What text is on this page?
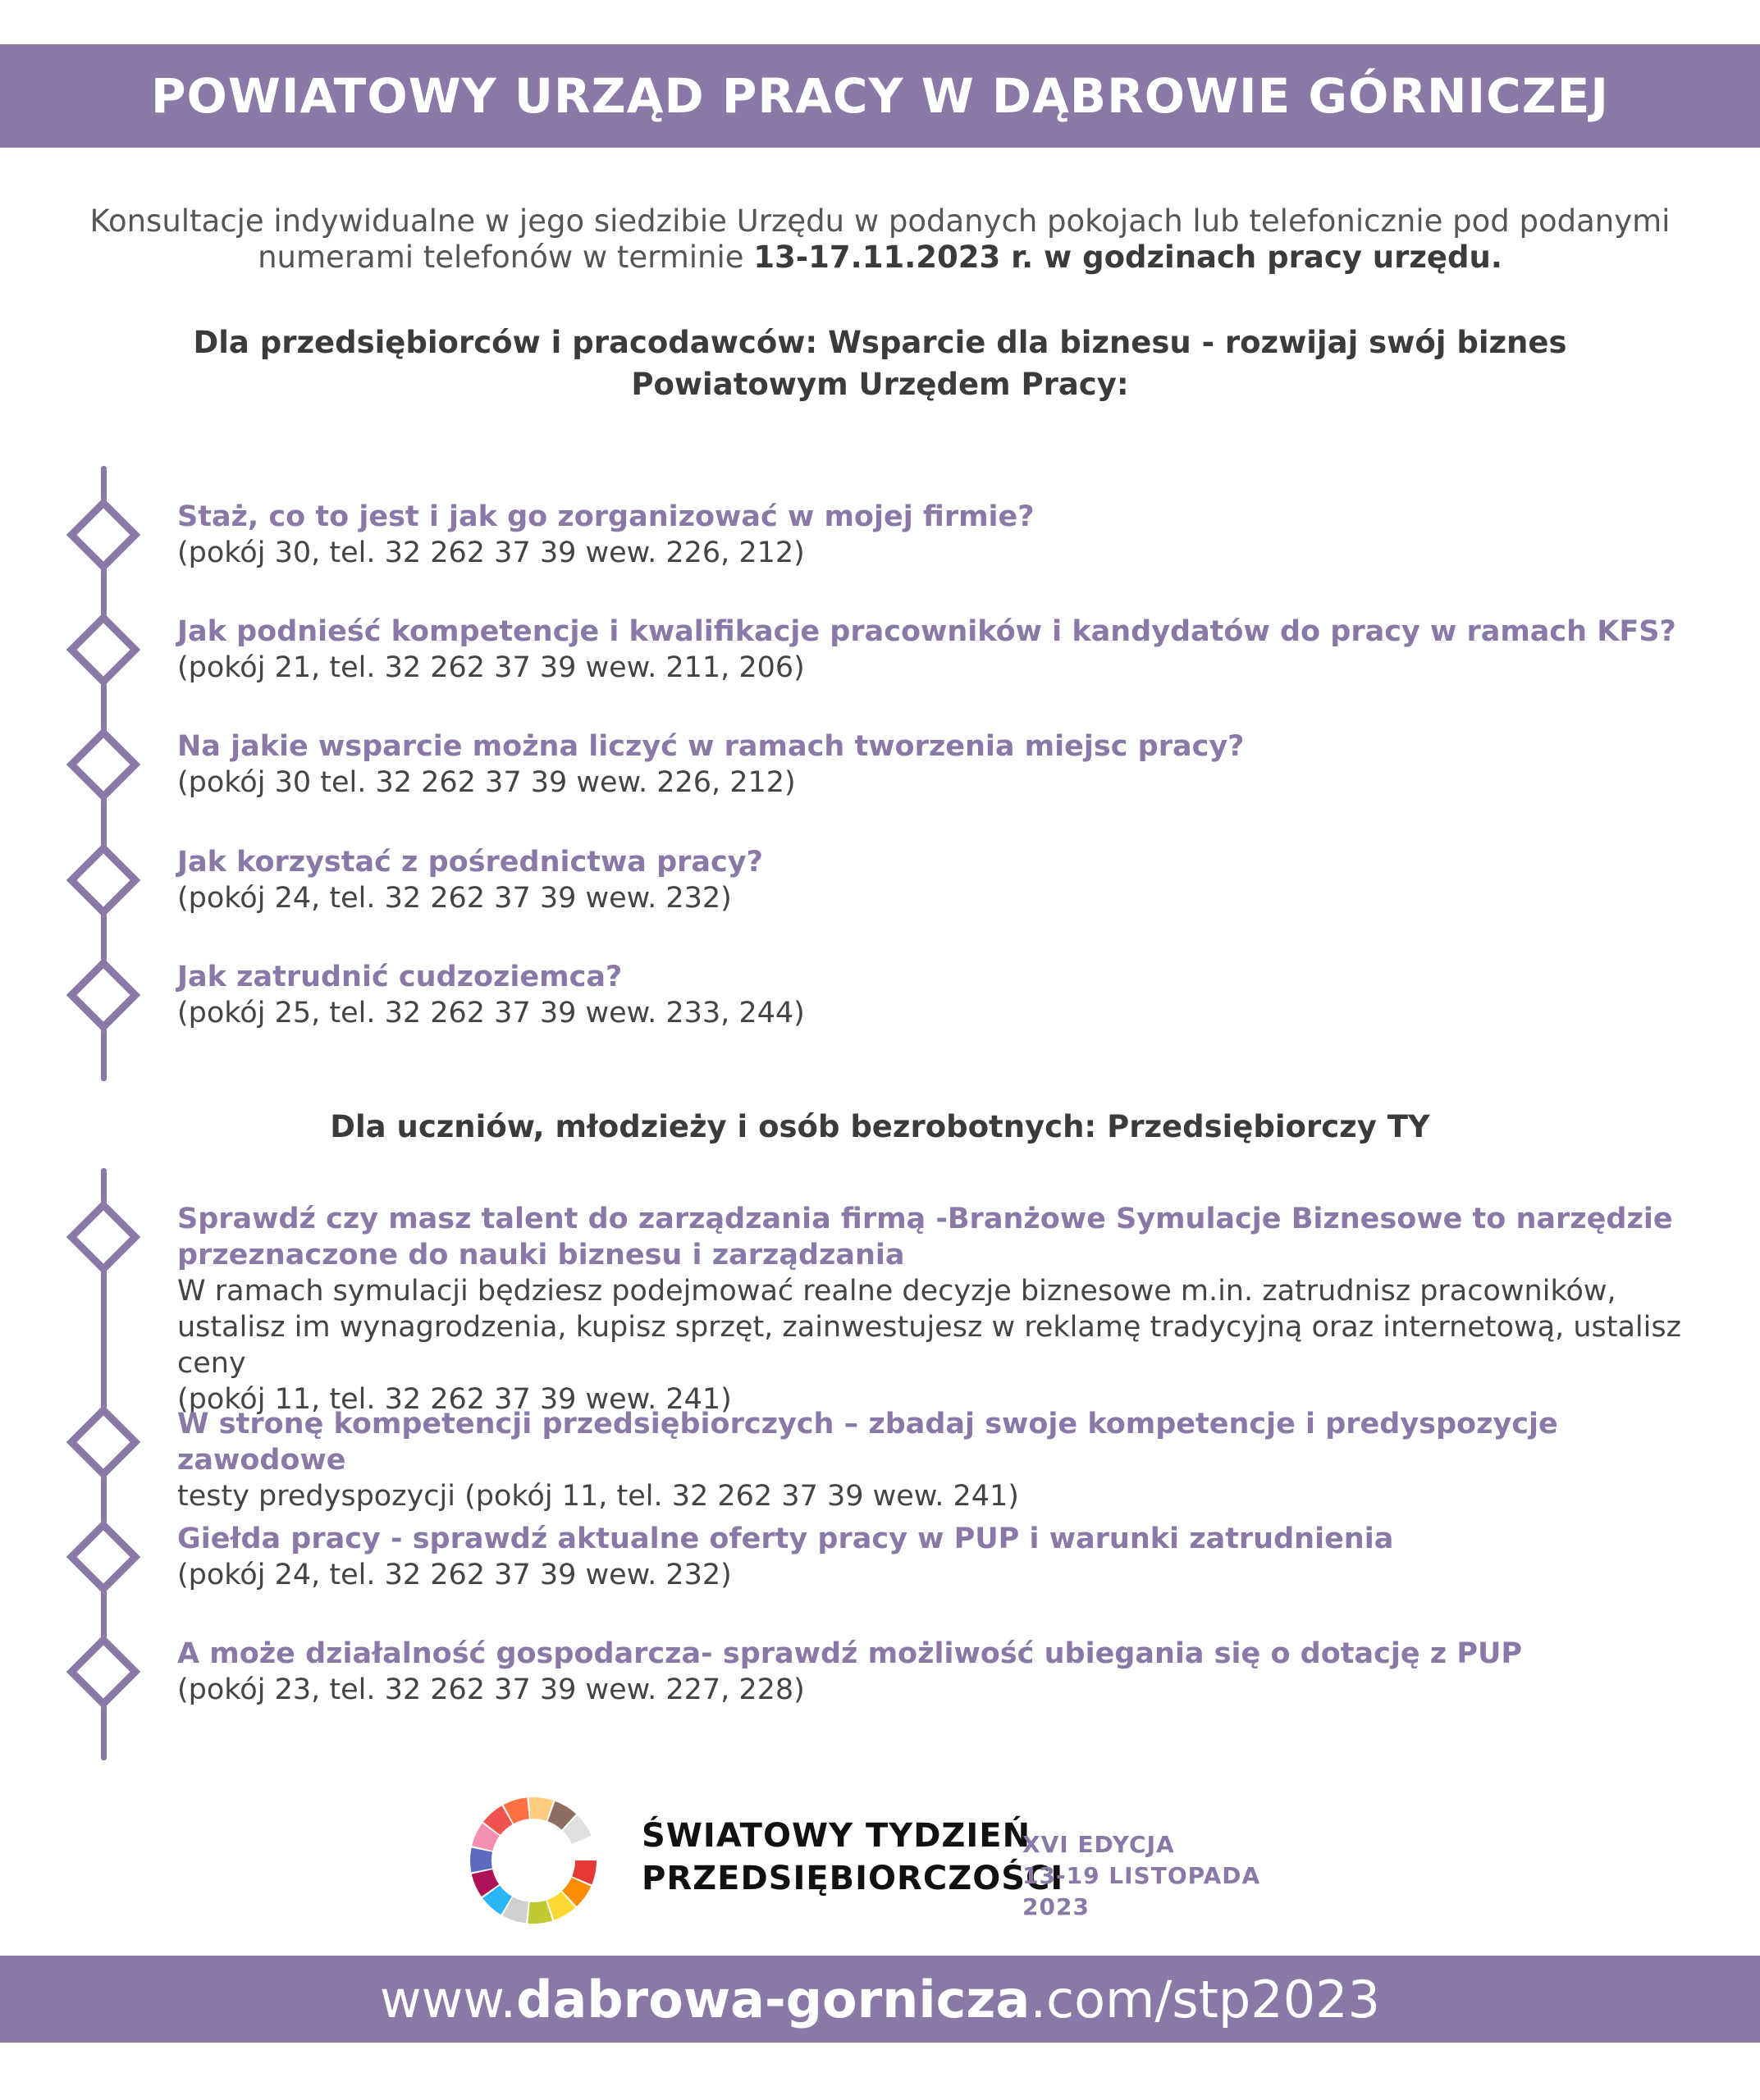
POWIATOWY URZĄD PRACY W DĄBROWIE GÓRNICZEJ
Konsultacje indywidualne w jego siedzibie Urzędu w podanych pokojach lub telefonicznie pod podanymi numerami telefonów w terminie 13-17.11.2023 r. w godzinach pracy urzędu.
Dla przedsiębiorców i pracodawców: Wsparcie dla biznesu - rozwijaj swój biznes Powiatowym Urzędem Pracy:
Staż, co to jest i jak go zorganizować w mojej firmie?
(pokój 30, tel. 32 262 37 39 wew. 226, 212)
Jak podnieść kompetencje i kwalifikacje pracowników i kandydatów do pracy w ramach KFS?
(pokój 21, tel. 32 262 37 39 wew. 211, 206)
Na jakie wsparcie można liczyć w ramach tworzenia miejsc pracy?
(pokój 30 tel. 32 262 37 39 wew. 226, 212)
Jak korzystać z pośrednictwa pracy?
(pokój 24, tel. 32 262 37 39 wew. 232)
Jak zatrudnić cudzoziemca?
(pokój 25, tel. 32 262 37 39 wew. 233, 244)
Dla uczniów, młodzieży i osób bezrobotnych: Przedsiębiorczy TY
Sprawdź czy masz talent do zarządzania firmą -Branżowe Symulacje Biznesowe to narzędzie przeznaczone do nauki biznesu i zarządzania
W ramach symulacji będziesz podejmować realne decyzje biznesowe m.in. zatrudnisz pracowników, ustalisz im wynagrodzenia, kupisz sprzęt, zainwestujesz w reklamę tradycyjną oraz internetową, ustalisz ceny
(pokój 11, tel. 32 262 37 39 wew. 241)
W stronę kompetencji przedsiębiorczych – zbadaj swoje kompetencje i predyspozycje zawodowe
testy predyspozycji (pokój 11, tel. 32 262 37 39 wew. 241)
Giełda pracy - sprawdź aktualne oferty pracy w PUP i warunki zatrudnienia
(pokój 24, tel. 32 262 37 39 wew. 232)
A może działalność gospodarcza- sprawdź możliwość ubiegania się o dotację z PUP
(pokój 23, tel. 32 262 37 39 wew. 227, 228)
ŚWIATOWY TYDZIEŃ
PRZEDSIĘBIORCZOŚCI
XVI EDYCJA
13-19 LISTOPADA 2023
www.dabrowa-gornicza.com/stp2023
